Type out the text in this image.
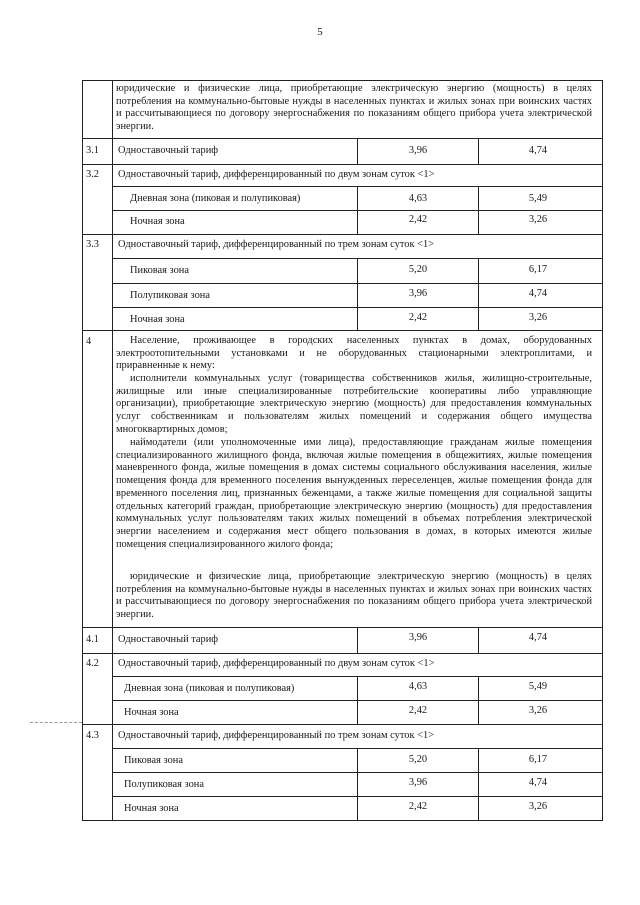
5
юридические и физические лица, приобретающие электрическую энергию (мощность) в целях потребления на коммунально-бытовые нужды в населенных пунктах и жилых зонах при воинских частях и рассчитывающиеся по договору энергоснабжения по показаниям общего прибора учета электрической энергии.
3.1 Одноставочный тариф	3,96	4,74
3.2 Одноставочный тариф, дифференцированный по двум зонам суток <1>
Дневная зона (пиковая и полупиковая)	4,63	5,49
Ночная зона	2,42	3,26
3.3 Одноставочный тариф, дифференцированный по трем зонам суток <1>
Пиковая зона	5,20	6,17
Полупиковая зона	3,96	4,74
Ночная зона	2,42	3,26
4	Население, проживающее в городских населенных пунктах в домах, оборудованных электроотопительными установками и не оборудованных стационарными электроплитами, и приравненные к нему:
исполнители коммунальных услуг (товарищества собственников жилья, жилищно-строительные, жилищные или иные специализированные потребительские кооперативы либо управляющие организации), приобретающие электрическую энергию (мощность) для предоставления коммунальных услуг собственникам и пользователям жилых помещений и содержания общего имущества многоквартирных домов;
наймодатели (или уполномоченные ими лица), предоставляющие гражданам жилые помещения специализированного жилищного фонда, включая жилые помещения в общежитиях, жилые помещения маневренного фонда, жилые помещения в домах системы социального обслуживания населения, жилые помещения фонда для временного поселения вынужденных переселенцев, жилые помещения фонда для временного поселения лиц, признанных беженцами, а также жилые помещения для социальной защиты отдельных категорий граждан, приобретающие электрическую энергию (мощность) для предоставления коммунальных услуг пользователям таких жилых помещений в объемах потребления электрической энергии населением и содержания мест общего пользования в домах, в которых имеются жилые помещения специализированного жилого фонда;
юридические и физические лица, приобретающие электрическую энергию (мощность) в целях потребления на коммунально-бытовые нужды в населенных пунктах и жилых зонах при воинских частях и рассчитывающиеся по договору энергоснабжения по показаниям общего прибора учета электрической энергии.
4.1 Одноставочный тариф	3,96	4,74
4.2 Одноставочный тариф, дифференцированный по двум зонам суток <1>
Дневная зона (пиковая и полупиковая)	4,63	5,49
Ночная зона	2,42	3,26
4.3 Одноставочный тариф, дифференцированный по трем зонам суток <1>
Пиковая зона	5,20	6,17
Полупиковая зона	3,96	4,74
Ночная зона	2,42	3,26
